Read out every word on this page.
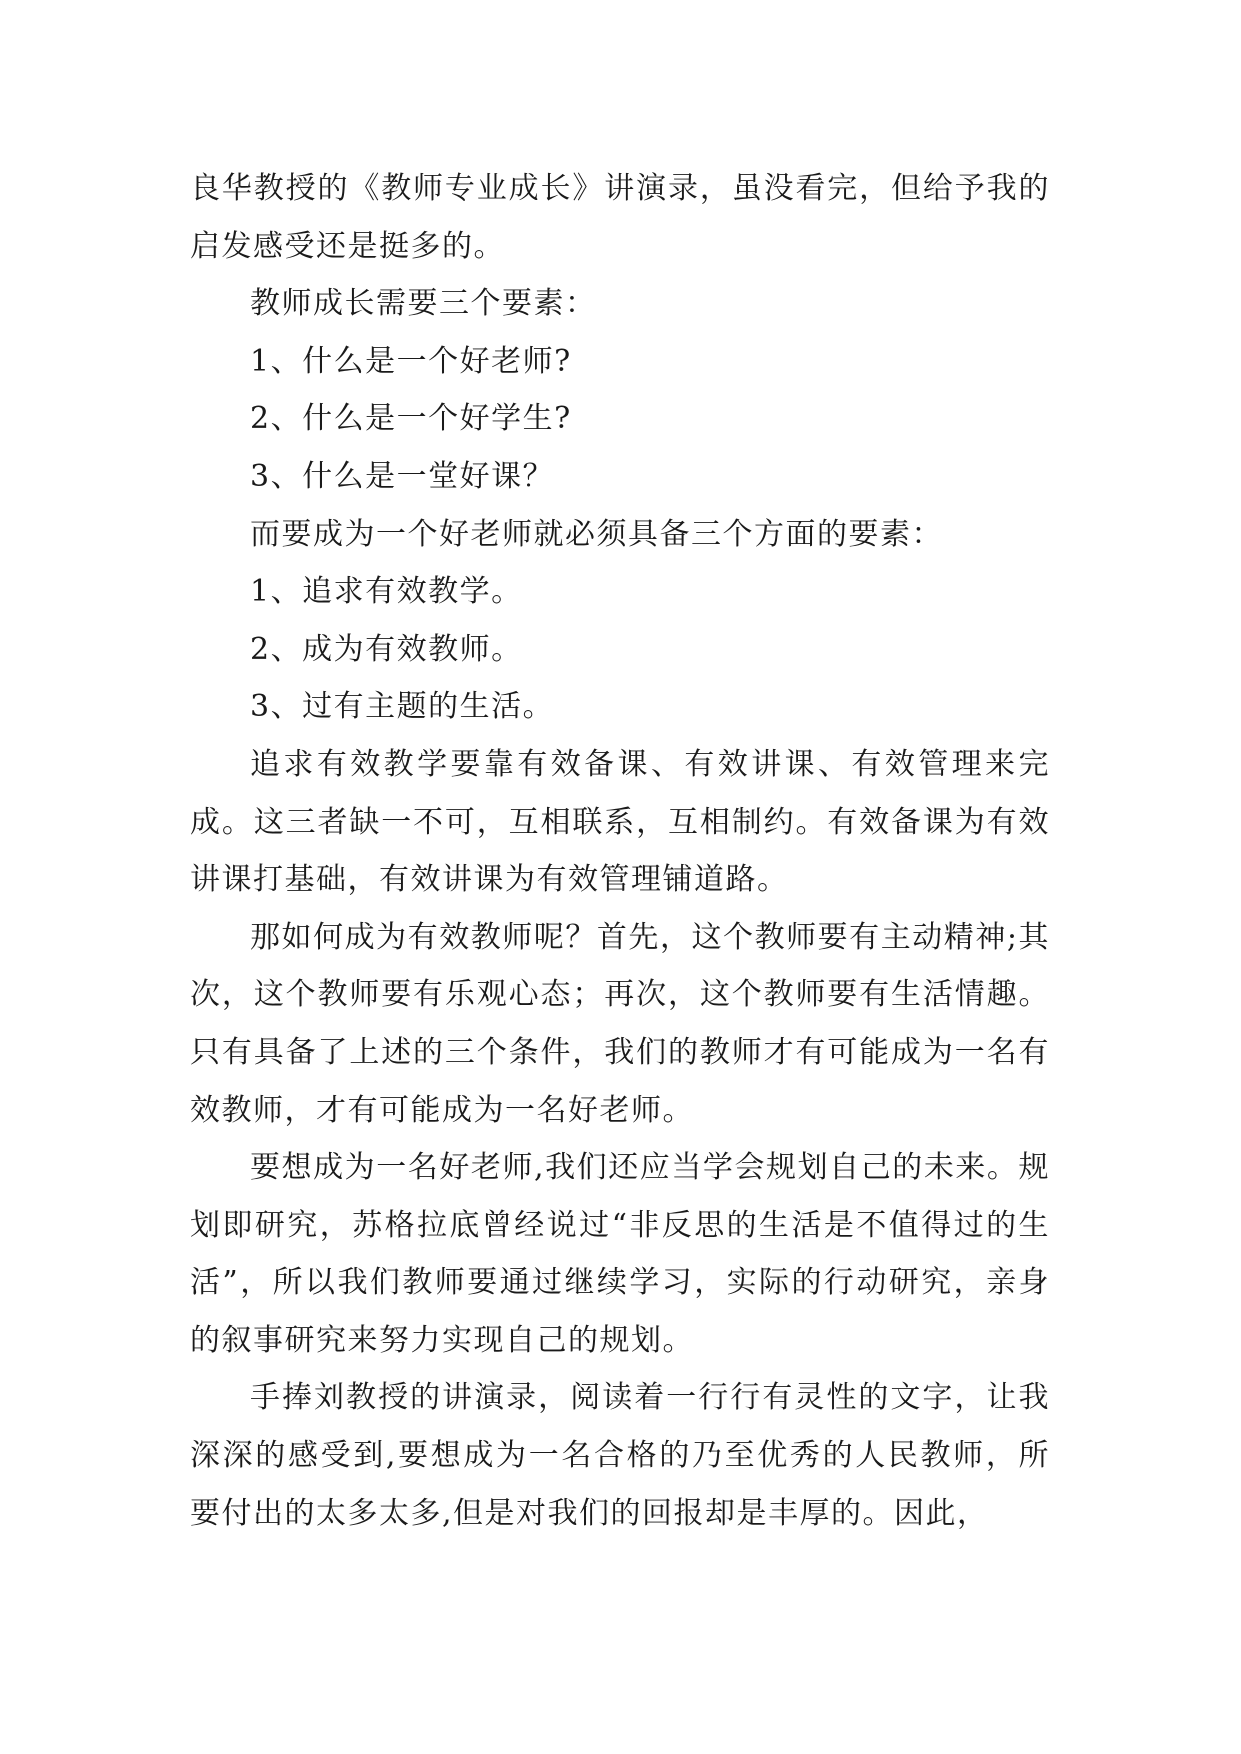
良华教授的《教师专业成长》讲演录，虽没看完，但给予我的启发感受还是挺多的。

教师成长需要三个要素：

1、什么是一个好老师?

2、什么是一个好学生?

3、什么是一堂好课？

而要成为一个好老师就必须具备三个方面的要素：

1、追求有效教学。

2、成为有效教师。

3、过有主题的生活。

追求有效教学要靠有效备课、有效讲课、有效管理来完成。这三者缺一不可，互相联系，互相制约。有效备课为有效讲课打基础，有效讲课为有效管理铺道路。

那如何成为有效教师呢？首先，这个教师要有主动精神;其次，这个教师要有乐观心态；再次，这个教师要有生活情趣。只有具备了上述的三个条件，我们的教师才有可能成为一名有效教师，才有可能成为一名好老师。

要想成为一名好老师,我们还应当学会规划自己的未来。规划即研究，苏格拉底曾经说过“非反思的生活是不值得过的生活”，所以我们教师要通过继续学习，实际的行动研究，亲身的叙事研究来努力实现自己的规划。

手捧刘教授的讲演录，阅读着一行行有灵性的文字，让我深深的感受到,要想成为一名合格的乃至优秀的人民教师，所要付出的太多太多,但是对我们的回报却是丰厚的。因此，
